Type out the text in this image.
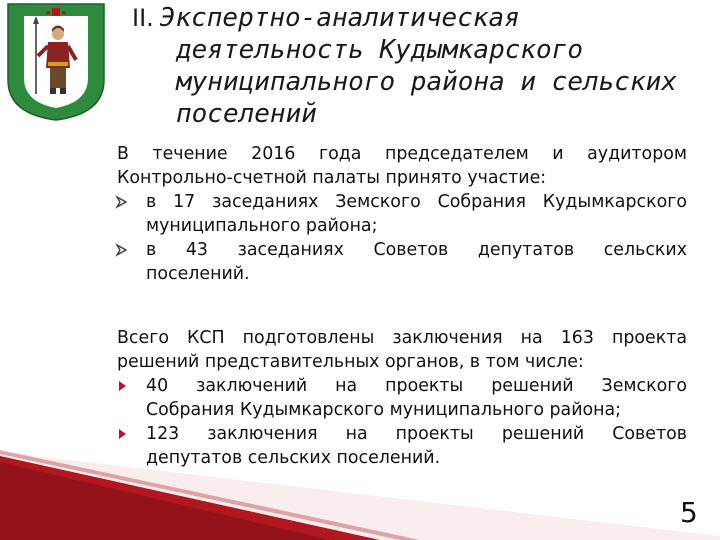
II. Экспертно-аналитическая
деятельность Кудымкарского
муниципального района и сельских
поселений
В течение 2016 года председателем и аудитором
Контрольно-счетной палаты принято участие:
в 17 заседаниях Земского Собрания Кудымкарского
муниципального района;
в 43 заседаниях Советов депутатов сельских
поселений.
Всего КСП подготовлены заключения на 163 проекта
решений представительных органов, в том числе:
40 заключений на проекты решений Земского
Собрания Кудымкарского муниципального района;
123 заключения на проекты решений Советов
депутатов сельских поселений.
5
